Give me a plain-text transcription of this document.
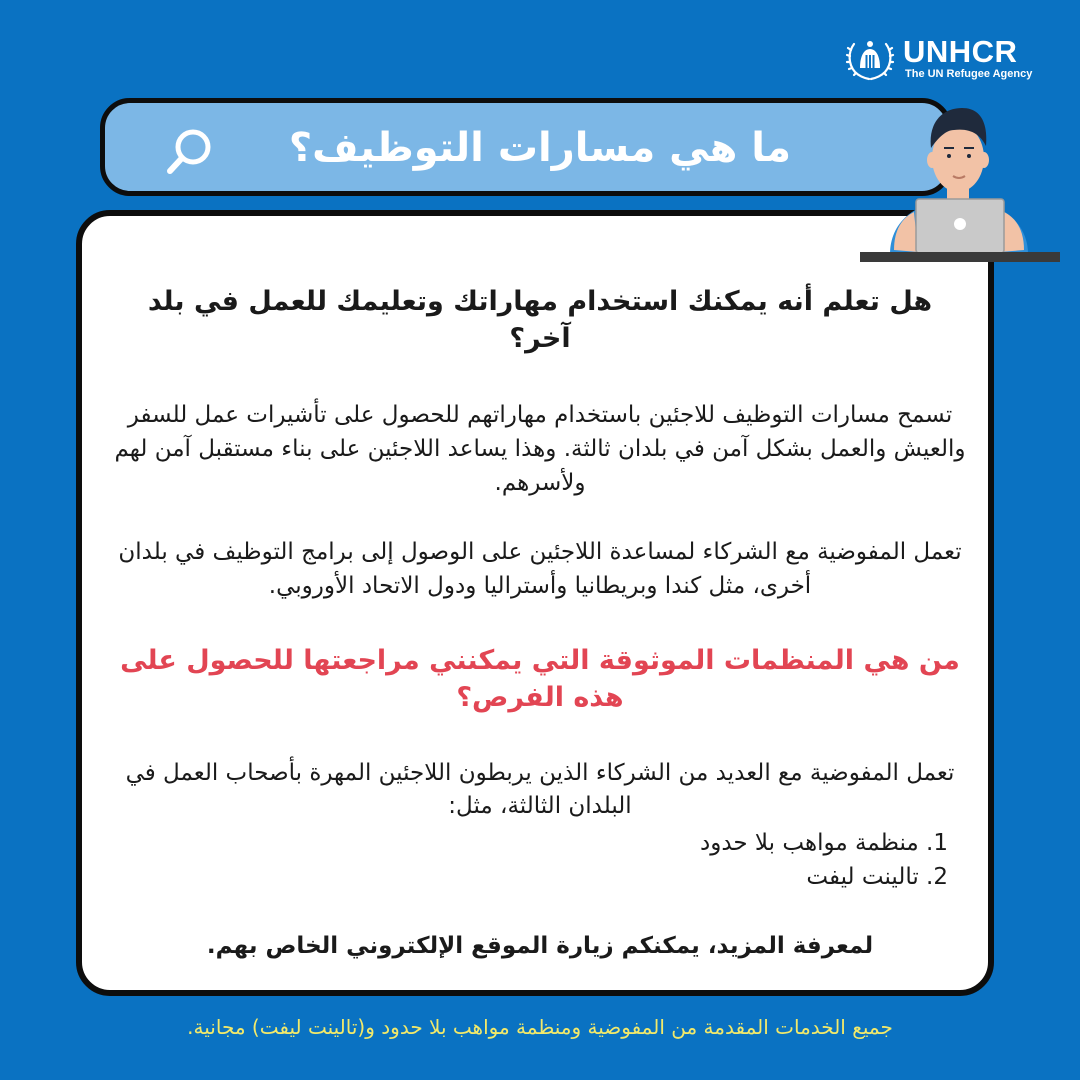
UNHCR
The UN Refugee Agency
ما هي مسارات التوظيف؟
هل تعلم أنه يمكنك استخدام مهاراتك وتعليمك للعمل في بلد آخر؟
تسمح مسارات التوظيف للاجئين باستخدام مهاراتهم للحصول على تأشيرات عمل للسفر والعيش والعمل بشكل آمن في بلدان ثالثة. وهذا يساعد اللاجئين على بناء مستقبل آمن لهم ولأسرهم.
تعمل المفوضية مع الشركاء لمساعدة اللاجئين على الوصول إلى برامج التوظيف في بلدان أخرى، مثل كندا وبريطانيا وأستراليا ودول الاتحاد الأوروبي.
من هي المنظمات الموثوقة التي يمكنني مراجعتها للحصول على هذه الفرص؟
تعمل المفوضية مع العديد من الشركاء الذين يربطون اللاجئين المهرة بأصحاب العمل في البلدان الثالثة، مثل:
1. منظمة مواهب بلا حدود
2. تالينت ليفت
لمعرفة المزيد، يمكنكم زيارة الموقع الإلكتروني الخاص بهم.
جميع الخدمات المقدمة من المفوضية ومنظمة مواهب بلا حدود و(تالينت ليفت) مجانية.
